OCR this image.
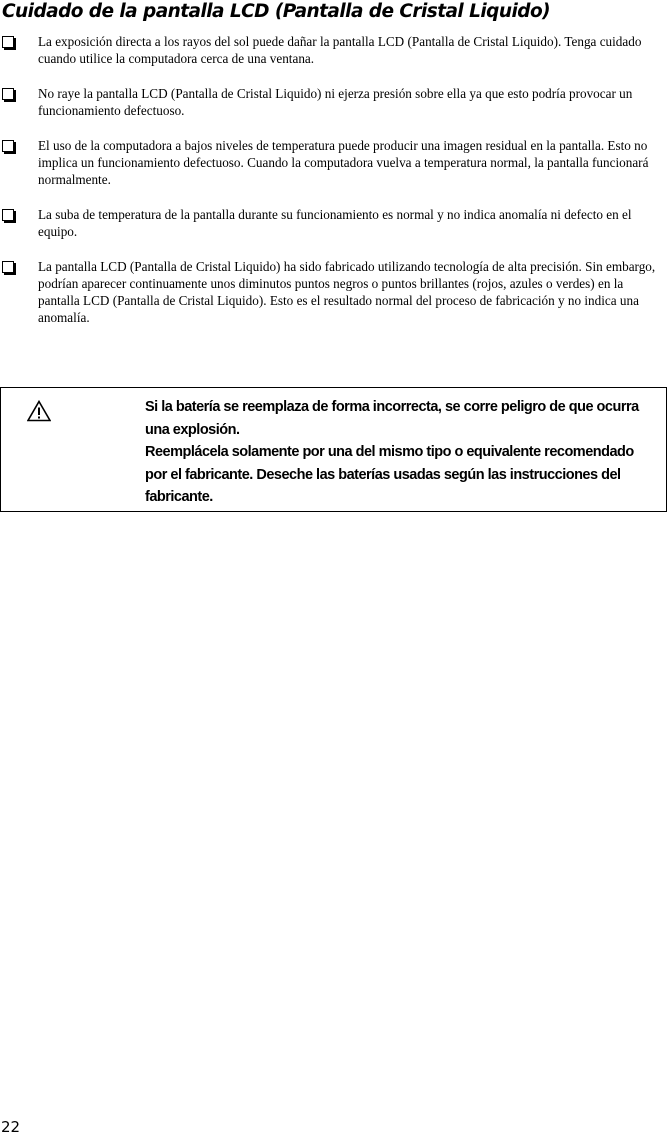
Cuidado de la pantalla LCD (Pantalla de Cristal Liquido)
La exposición directa a los rayos del sol puede dañar la pantalla LCD (Pantalla de Cristal Liquido). Tenga cuidado cuando utilice la computadora cerca de una ventana.
No raye la pantalla LCD (Pantalla de Cristal Liquido) ni ejerza presión sobre ella ya que esto podría provocar un funcionamiento defectuoso.
El uso de la computadora a bajos niveles de temperatura puede producir una imagen residual en la pantalla. Esto no implica un funcionamiento defectuoso. Cuando la computadora vuelva a temperatura normal, la pantalla funcionará normalmente.
La suba de temperatura de la pantalla durante su funcionamiento es normal y no indica anomalía ni defecto en el equipo.
La pantalla LCD (Pantalla de Cristal Liquido) ha sido fabricado utilizando tecnología de alta precisión. Sin embargo, podrían aparecer continuamente unos diminutos puntos negros o puntos brillantes (rojos, azules o verdes) en la pantalla LCD (Pantalla de Cristal Liquido). Esto es el resultado normal del proceso de fabricación y no indica una anomalía.

Si la batería se reemplaza de forma incorrecta, se corre peligro de que ocurra una explosión.

Reemplácela solamente por una del mismo tipo o equivalente recomendado por el fabricante. Deseche las baterías usadas según las instrucciones del fabricante.

22
